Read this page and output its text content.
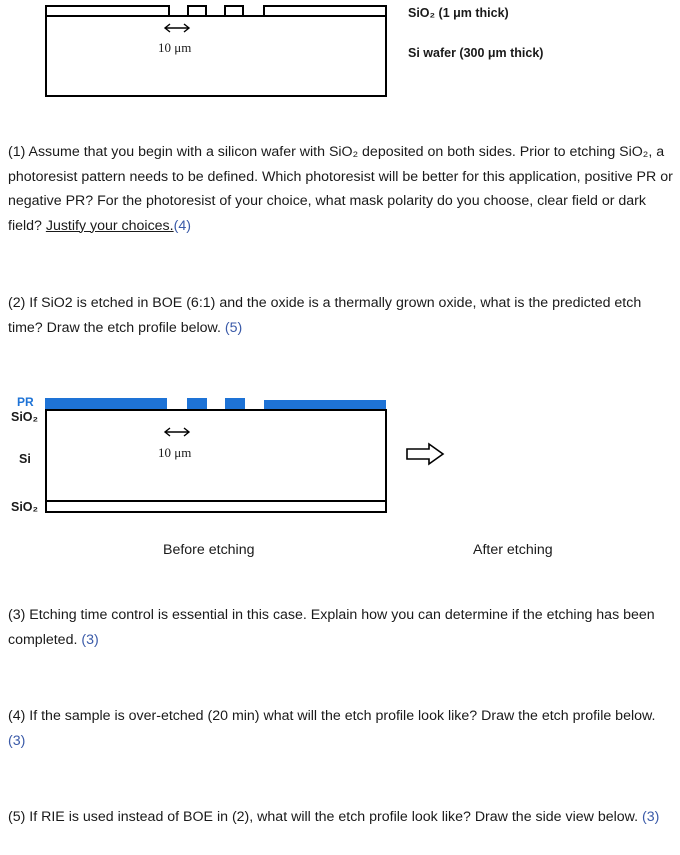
10 μm
SiO₂ (1 μm thick)
Si wafer (300 μm thick)
(1) Assume that you begin with a silicon wafer with SiO₂ deposited on both sides. Prior to etching SiO₂, a photoresist pattern needs to be defined. Which photoresist will be better for this application, positive PR or negative PR? For the photoresist of your choice, what mask polarity do you choose, clear field or dark field? Justify your choices.(4)
(2) If SiO2 is etched in BOE (6:1) and the oxide is a thermally grown oxide, what is the predicted etch time? Draw the etch profile below. (5)
PR
SiO₂
Si
SiO₂
10 μm
Before etching	After etching
(3) Etching time control is essential in this case. Explain how you can determine if the etching has been completed. (3)
(4) If the sample is over-etched (20 min) what will the etch profile look like? Draw the etch profile below. (3)
(5) If RIE is used instead of BOE in (2), what will the etch profile look like? Draw the side view below. (3)
